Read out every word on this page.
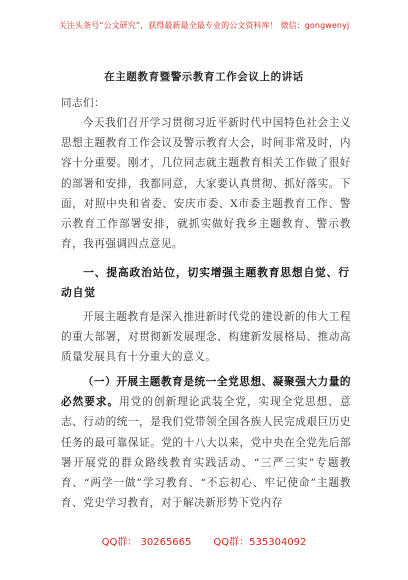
关注头条号“公文研究”，获得最新最全最专业的公文资料库！ 微信：gongwenyj
在主题教育暨警示教育工作会议上的讲话
同志们：

今天我们召开学习贯彻习近平新时代中国特色社会主义思想主题教育工作会议及警示教育大会，时间非常及时，内容十分重要。刚才，几位同志就主题教育相关工作做了很好的部署和安排，我都同意，大家要认真贯彻、抓好落实。下面，对照中央和省委、安庆市委、X市委主题教育工作、警示教育工作部署安排，就抓实做好我乡主题教育、警示教育，我再强调四点意见。

一、提高政治站位，切实增强主题教育思想自觉、行动自觉

开展主题教育是深入推进新时代党的建设新的伟大工程的重大部署，对贯彻新发展理念、构建新发展格局、推动高质量发展具有十分重大的意义。

（一）开展主题教育是统一全党思想、凝聚强大力量的必然要求。用党的创新理论武装全党，实现全党思想、意志、行动的统一，是我们党带领全国各族人民完成艰巨历史任务的最可靠保证。党的十八大以来，党中央在全党先后部署开展党的群众路线教育实践活动、“三严三实”专题教育、“两学一做”学习教育、“不忘初心、牢记使命”主题教育、党史学习教育，对于解决新形势下党内存

QQ群： 30265665 QQ群：535304092
